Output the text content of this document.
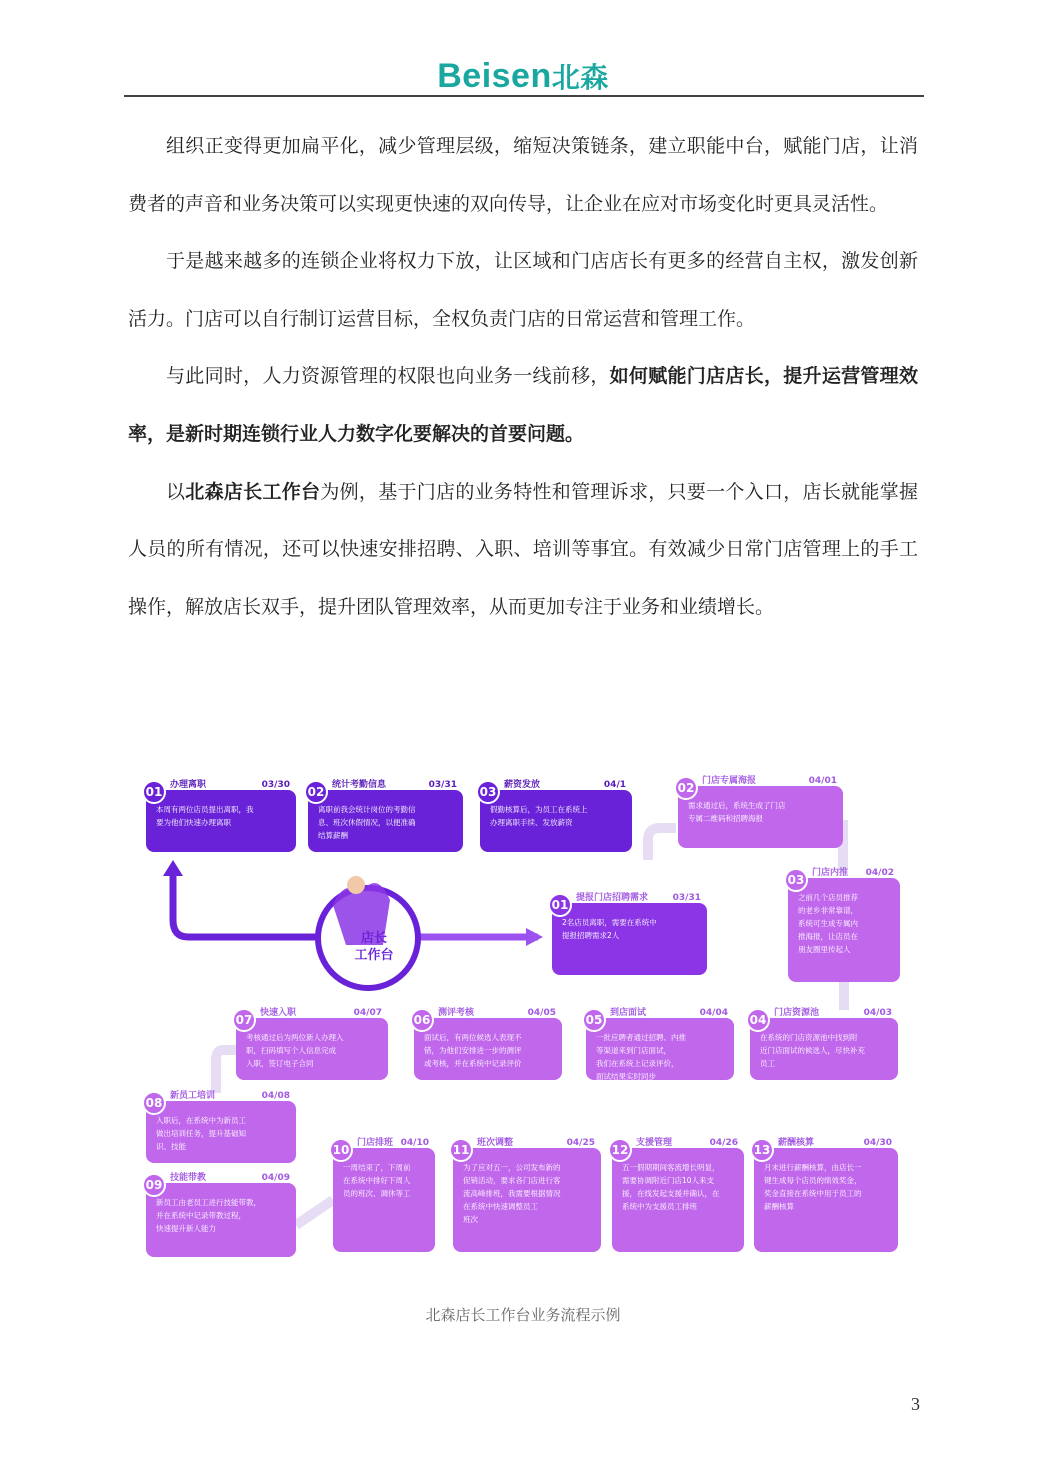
Beisen北森

组织正变得更加扁平化，减少管理层级，缩短决策链条，建立职能中台，赋能门店，让消费者的声音和业务决策可以实现更快速的双向传导，让企业在应对市场变化时更具灵活性。

于是越来越多的连锁企业将权力下放，让区域和门店店长有更多的经营自主权，激发创新活力。门店可以自行制订运营目标，全权负责门店的日常运营和管理工作。

与此同时，人力资源管理的权限也向业务一线前移，如何赋能门店店长，提升运营管理效率，是新时期连锁行业人力数字化要解决的首要问题。

以北森店长工作台为例，基于门店的业务特性和管理诉求，只要一个入口，店长就能掌握人员的所有情况，还可以快速安排招聘、入职、培训等事宜。有效减少日常门店管理上的手工操作，解放店长双手，提升团队管理效率，从而更加专注于业务和业绩增长。

店长
工作台
01 办理离职	03/30
本周有两位店员提出离职，我
要为他们快速办理离职
02 统计考勤信息	03/31
离职前我会统计岗位的考勤信
息、班次休假情况，以便准确
结算薪酬
03 薪资发放	04/1
假勤核算后，为员工在系统上
办理离职手续、发放薪资
02 门店专属海报	04/01
需求通过后，系统生成了门店
专属二维码和招聘海报
03 门店内推 04/02
之前几个店员推荐
的老乡非常靠谱，
系统可生成专属内
推海报，让店员在
朋友圈里传起人
01 提报门店招聘需求	03/31
2名店员离职，需要在系统中
提报招聘需求2人
04 门店资源池	04/03
在系统的门店资源池中找到附
近门店面试的候选人，尽快补充
员工
05 到店面试	04/04
一批应聘者通过招聘、内推
等渠道来到门店面试，
我们在系统上记录评价，
面试结果实时同步
06 测评考核	04/05
面试后，有两位候选人表现不
错，为他们安排进一步的测评
或考核，并在系统中记录评价
07 快速入职	04/07
考核通过后为两位新人办理入
职，扫码填写个人信息完成
入职，签订电子合同
08 新员工培训	04/08
入职后，在系统中为新员工
做出培训任务，提升基础知
识、技能
09 技能带教	04/09
新员工由老员工进行技能带教，
并在系统中记录带教过程，
快速提升新人能力
10 门店排班 04/10
一周结束了，下周前
在系统中排好下周人
员的班次、调休等工
11 班次调整	04/25
为了应对五一，公司发布新的
促销活动，要求各门店进行客
流高峰排班，我需要根据情况
在系统中快速调整员工
班次
12 支援管理	04/26
五一假期期间客流增长明显，
需要协调附近门店10人来支
援，在线发起支援并确认，在
系统中为支援员工排班
13 薪酬核算	04/30
月末进行薪酬核算，由店长一
键生成每个店员的绩效奖金，
奖金直接在系统中用于员工的
薪酬核算
北森店长工作台业务流程示例
3
